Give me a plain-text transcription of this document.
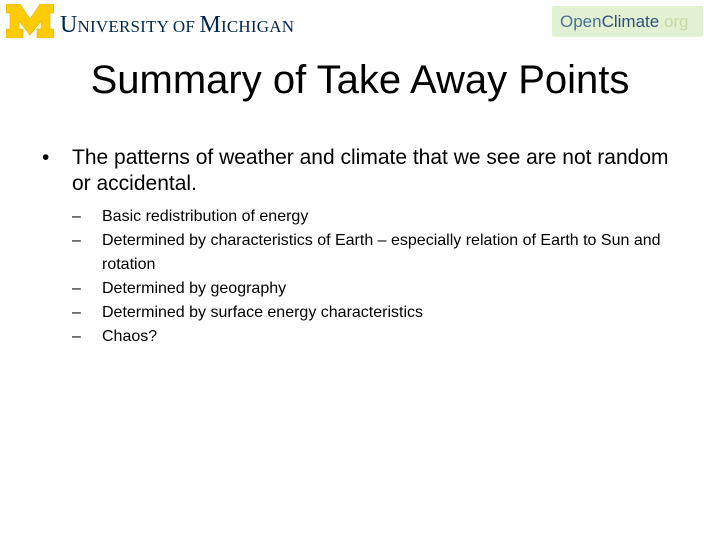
UNIVERSITY OF MICHIGAN	Open Climate .org
Summary of Take Away Points
• The patterns of weather and climate that we see are not random or accidental.
– Basic redistribution of energy
– Determined by characteristics of Earth – especially relation of Earth to Sun and rotation
– Determined by geography
– Determined by surface energy characteristics
– Chaos?
